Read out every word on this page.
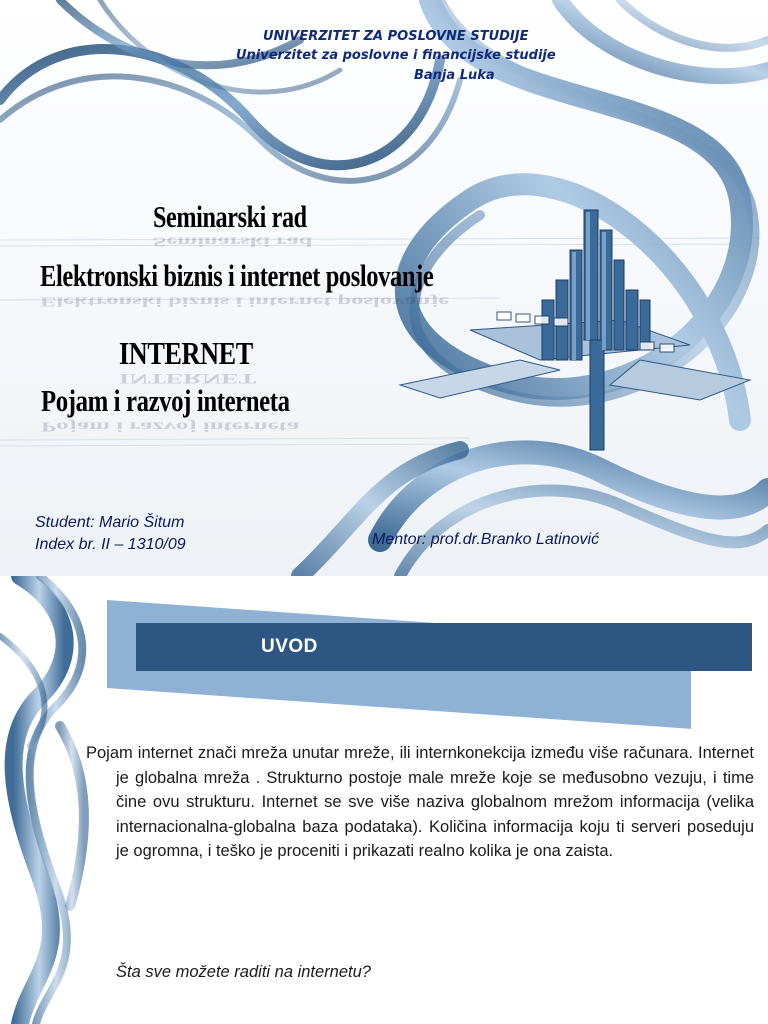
UNIVERZITET ZA POSLOVNE STUDIJE
Univerzitet za poslovne i financijske studije
Banja Luka
Seminarski rad
Elektronski biznis i internet poslovanje
INTERNET
Pojam i razvoj interneta
Seminarski rad
Elektronski biznis i internet poslovanje
INTERNET
Pojam i razvoj interneta
Student: Mario Šitum
Index br. II – 1310/09	Mentor: prof.dr.Branko Latinović
UVOD

Pojam internet znači mreža unutar mreže, ili internkonekcija između više računara. Internet je globalna mreža . Strukturno postoje male mreže koje se međusobno vezuju, i time čine ovu strukturu. Internet se sve više naziva globalnom mrežom informacija (velika internacionalna-globalna baza podataka). Količina informacija koju ti serveri poseduju je ogromna, i teško je proceniti i prikazati realno kolika je ona zaista.

Šta sve možete raditi na internetu?
